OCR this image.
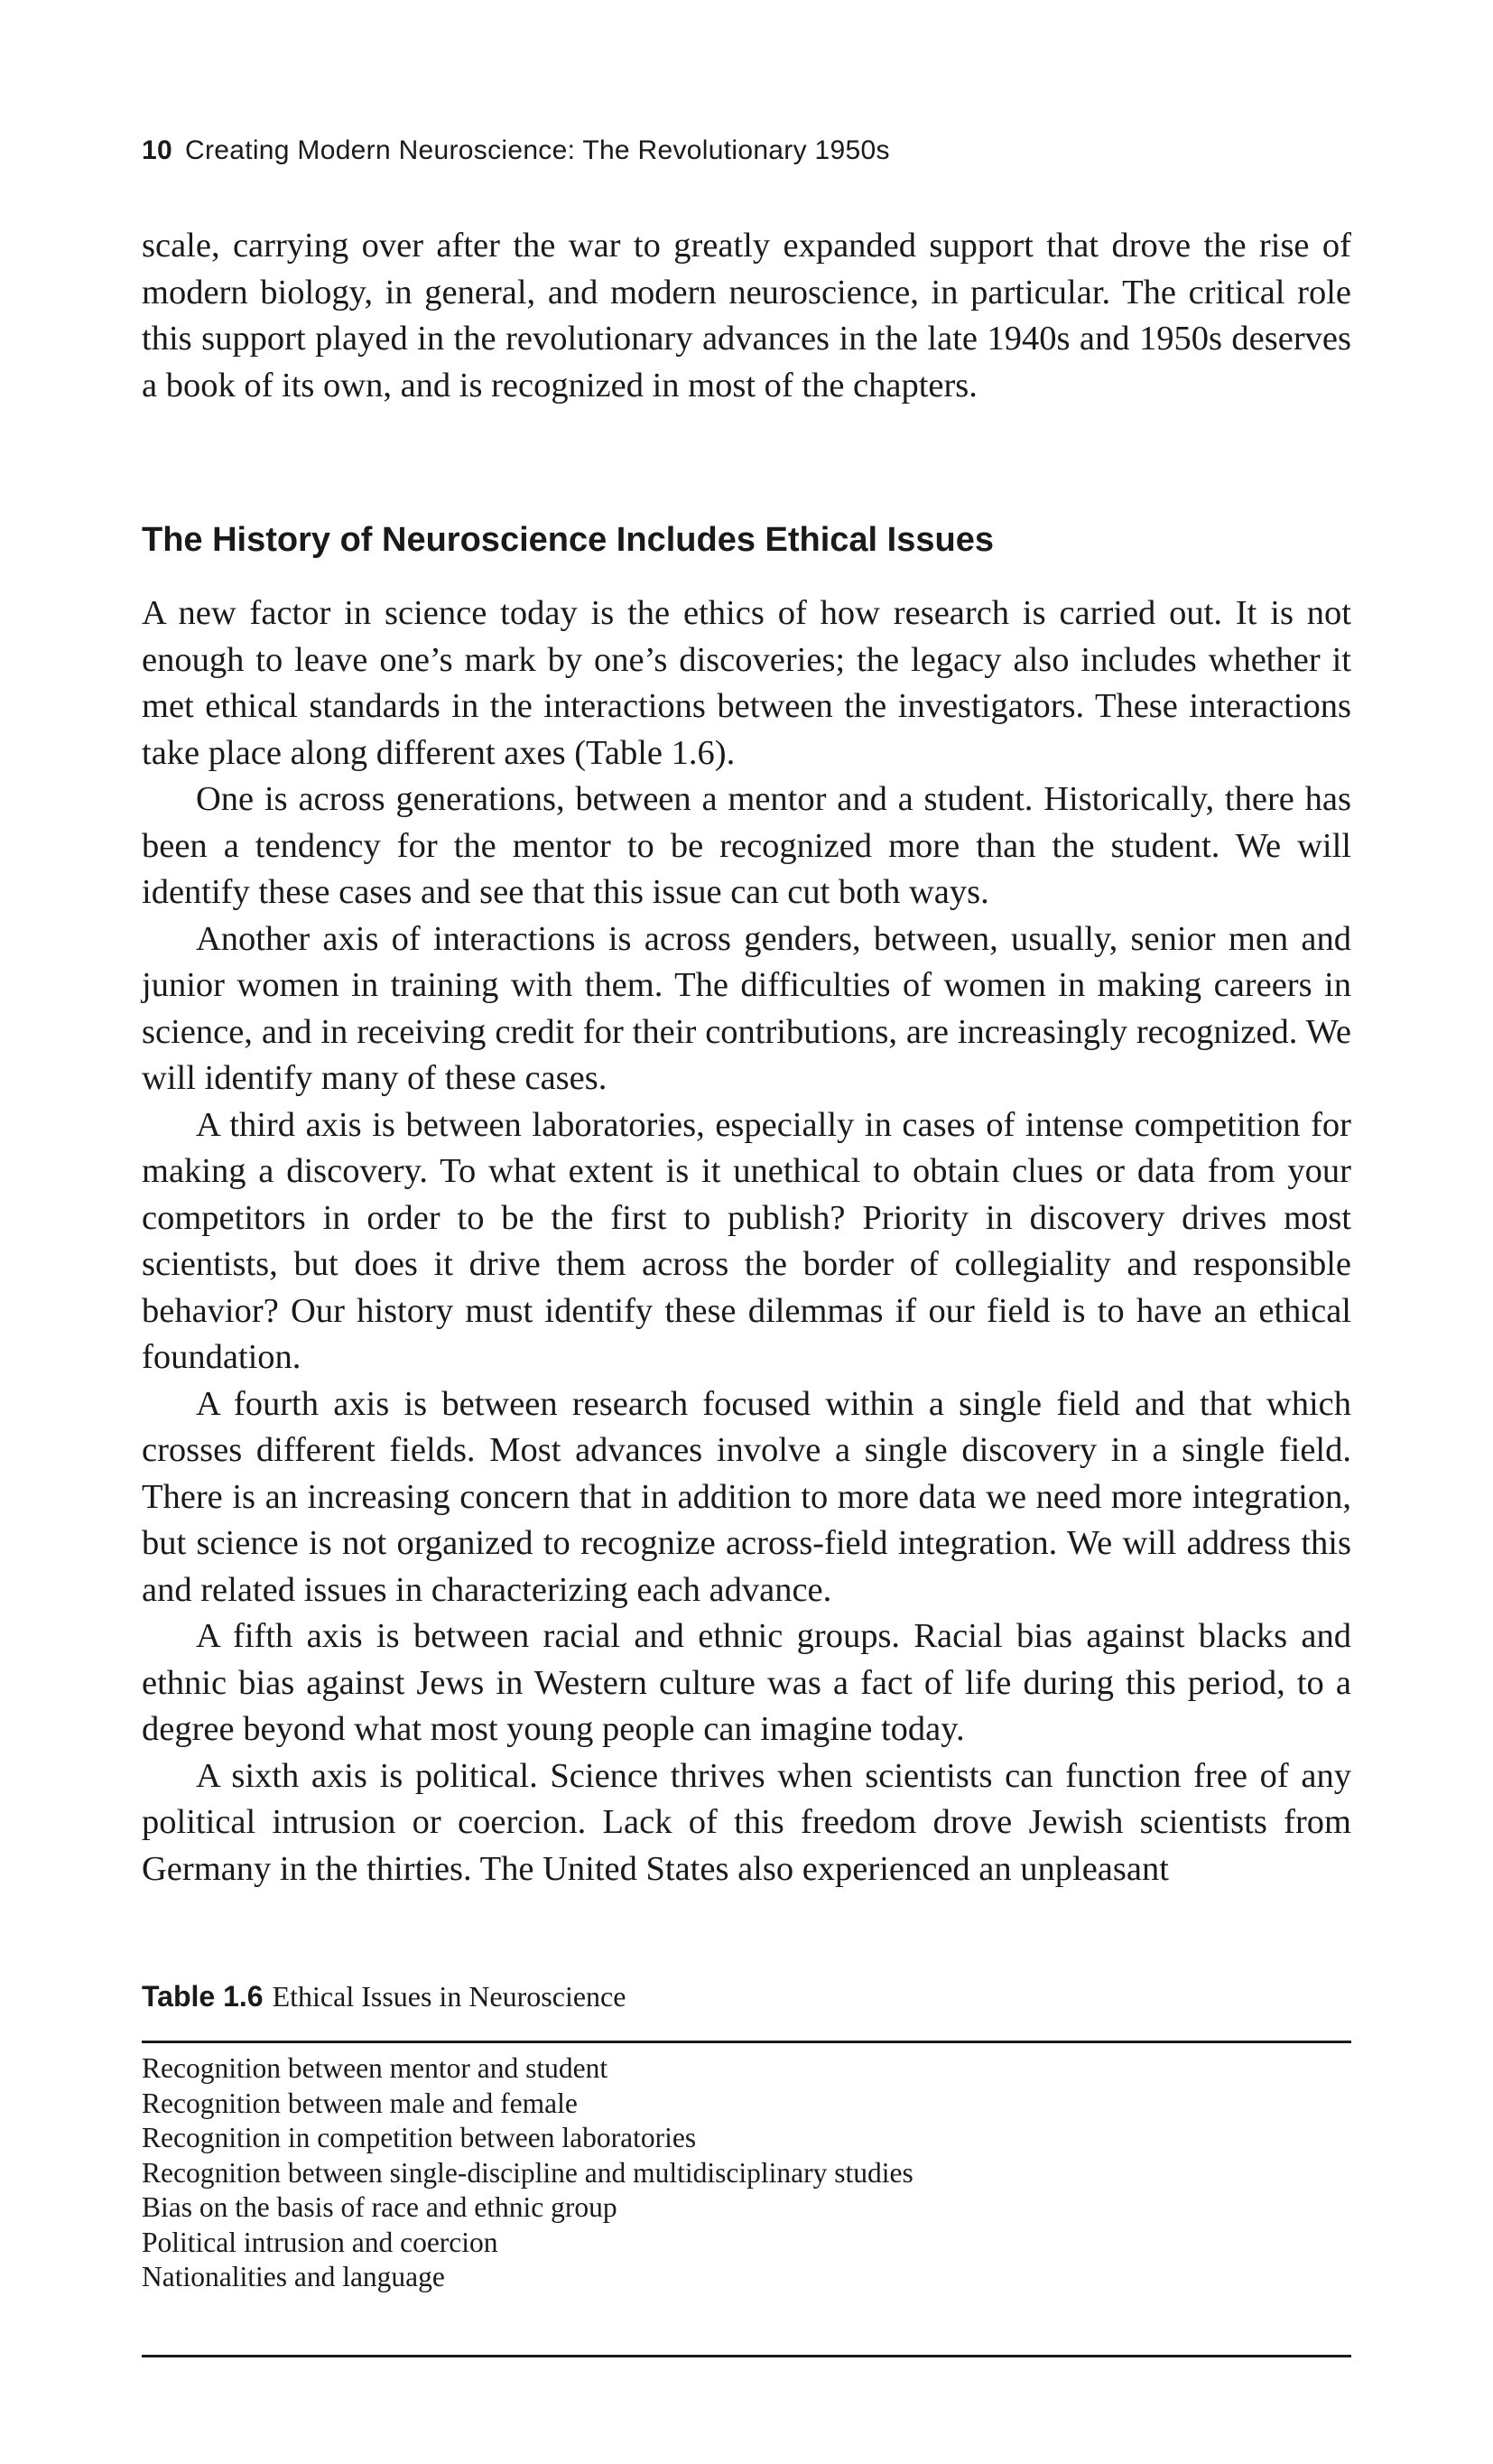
10 Creating Modern Neuroscience: The Revolutionary 1950s

scale, carrying over after the war to greatly expanded support that drove the rise of modern biology, in general, and modern neuroscience, in particular. The critical role this support played in the revolutionary advances in the late 1940s and 1950s deserves a book of its own, and is recognized in most of the chapters.

The History of Neuroscience Includes Ethical Issues

A new factor in science today is the ethics of how research is carried out. It is not enough to leave one’s mark by one’s discoveries; the legacy also includes whether it met ethical standards in the interactions between the investigators. These interactions take place along different axes (Table 1.6).

One is across generations, between a mentor and a student. Historically, there has been a tendency for the mentor to be recognized more than the student. We will identify these cases and see that this issue can cut both ways.

Another axis of interactions is across genders, between, usually, senior men and junior women in training with them. The difficulties of women in making careers in science, and in receiving credit for their contributions, are increasingly recognized. We will identify many of these cases.

A third axis is between laboratories, especially in cases of intense competition for making a discovery. To what extent is it unethical to obtain clues or data from your competitors in order to be the first to publish? Priority in discovery drives most scientists, but does it drive them across the border of collegiality and responsible behavior? Our history must identify these dilemmas if our field is to have an ethical foundation.

A fourth axis is between research focused within a single field and that which crosses different fields. Most advances involve a single discovery in a single field. There is an increasing concern that in addition to more data we need more integration, but science is not organized to recognize across-field integration. We will address this and related issues in characterizing each advance.

A fifth axis is between racial and ethnic groups. Racial bias against blacks and ethnic bias against Jews in Western culture was a fact of life during this period, to a degree beyond what most young people can imagine today.

A sixth axis is political. Science thrives when scientists can function free of any political intrusion or coercion. Lack of this freedom drove Jewish scientists from Germany in the thirties. The United States also experienced an unpleasant

Table 1.6 Ethical Issues in Neuroscience
Recognition between mentor and student
Recognition between male and female
Recognition in competition between laboratories
Recognition between single-discipline and multidisciplinary studies
Bias on the basis of race and ethnic group
Political intrusion and coercion
Nationalities and language
